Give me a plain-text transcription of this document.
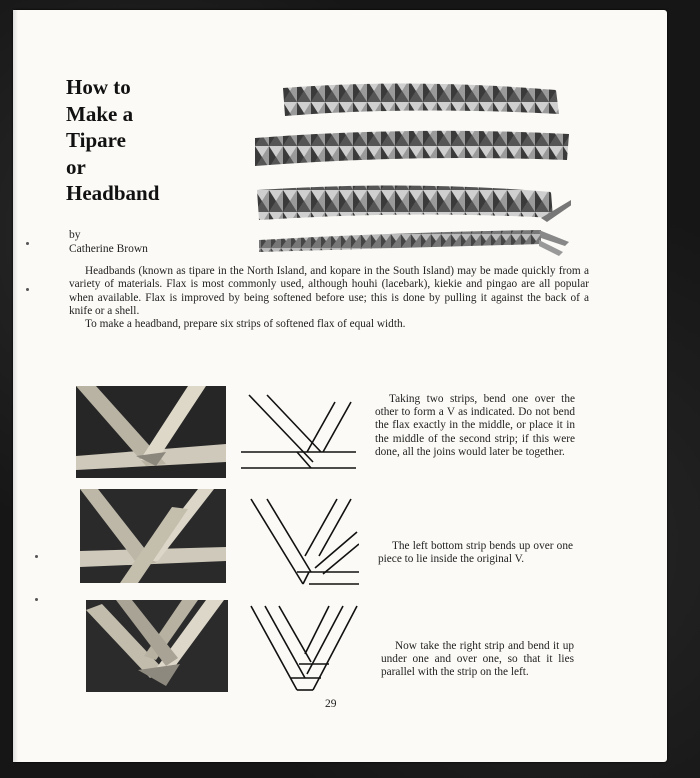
How to
Make a
Tipare
or
Headband
by
Catherine Brown

Headbands (known as tipare in the North Island, and kopare in the South Island) may be made quickly from a variety of materials. Flax is most commonly used, although houhi (lacebark), kiekie and pingao are all popular when available. Flax is improved by being softened before use; this is done by pulling it against the back of a knife or a shell.

To make a headband, prepare six strips of softened flax of equal width.

Taking two strips, bend one over the other to form a V as indicated. Do not bend the flax exactly in the middle, or place it in the middle of the second strip; if this were done, all the joins would later be together.

The left bottom strip bends up over one piece to lie inside the original V.

Now take the right strip and bend it up under one and over one, so that it lies parallel with the strip on the left.

29
